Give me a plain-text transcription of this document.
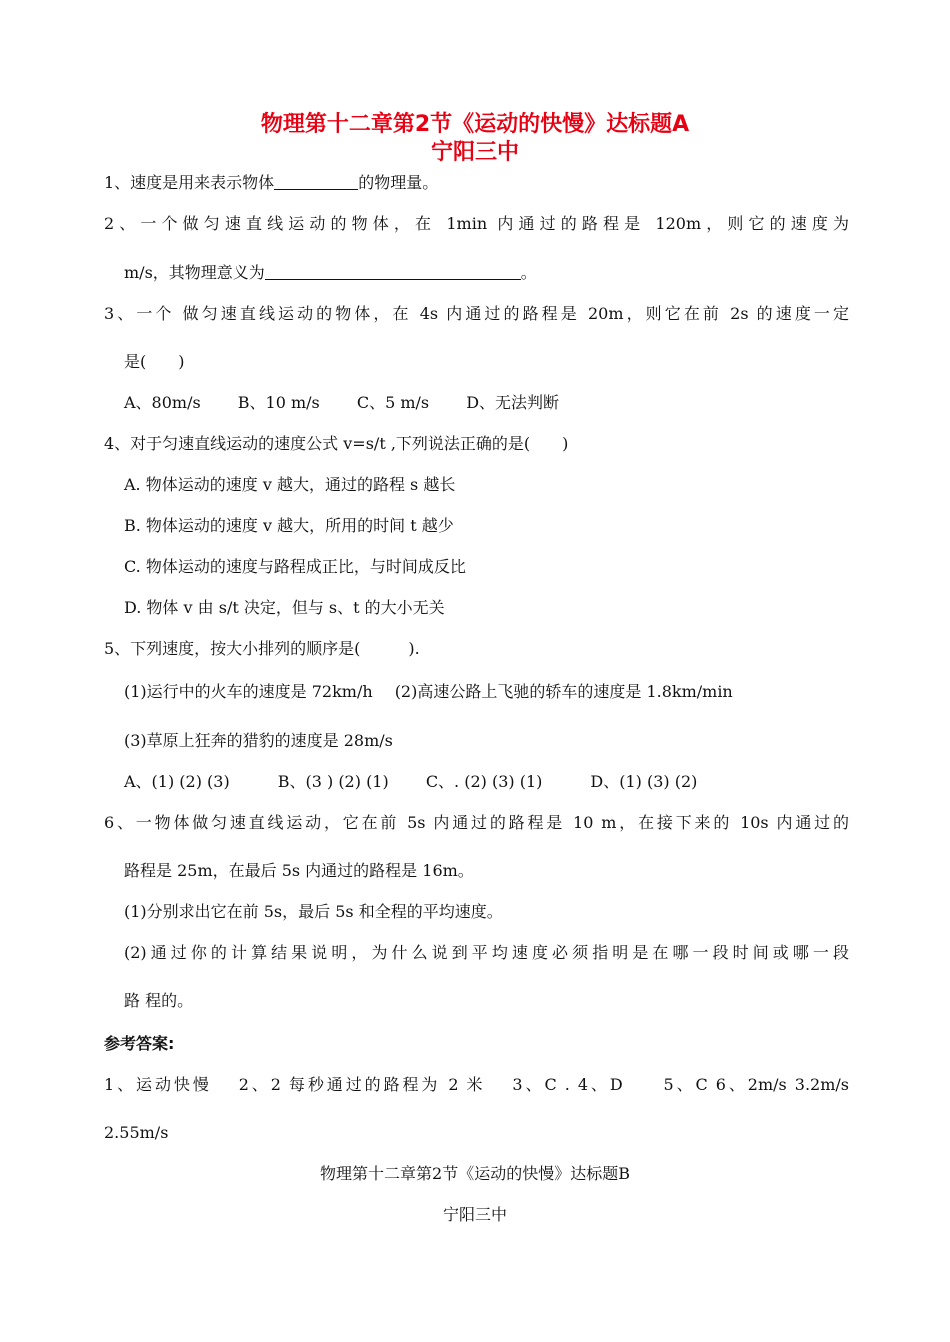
物理第十二章第2节《运动的快慢》达标题A
宁阳三中
1、速度是用来表示物体	的物理量。
2、一个做匀速直线运动的物体，在 1min 内通过的路程是 120m，则它的速度为
m/s，其物理意义为	。
3、一个 做匀速直线运动的物体，在 4s 内通过的路程是 20m，则它在前 2s 的速度一定
是(　　)
A、80m/s　　 B、10 m/s　　 C、5 m/s　　 D、无法判断
4、对于匀速直线运动的速度公式 v=s/t ,下列说法正确的是(　　)
A. 物体运动的速度 v 越大，通过的路程 s 越长
B. 物体运动的速度 v 越大，所用的时间 t 越少
C. 物体运动的速度与路程成正比，与时间成反比
D. 物体 v 由 s/t 决定，但与 s、t 的大小无关
5、下列速度，按大小排列的顺序是(　　　).
(1)运行中的火车的速度是 72km/h (2)高速公路上飞驰的轿车的速度是 1.8km/min
(3)草原上狂奔的猎豹的速度是 28m/s
A、(1) (2) (3)　　　B、(3 ) (2) (1)　　 C、. (2) (3) (1)　　　D、(1) (3) (2)
6、一物体做匀速直线运动，它在前 5s 内通过的路程是 10 m，在接下来的 10s 内通过的
路程是 25m，在最后 5s 内通过的路程是 16m。
(1)分别求出它在前 5s，最后 5s 和全程的平均速度。
(2)通过你的计算结果说明，为什么说到平均速度必须指明是在哪一段时间或哪一段
路 程的。
参考答案:
1、运动快慢　 2、2 每秒通过的路程为 2 米　 3、C . 4、D　　5、C 6、2m/s 3.2m/s
2.55m/s
物理第十二章第2节《运动的快慢》达标题B
宁阳三中
